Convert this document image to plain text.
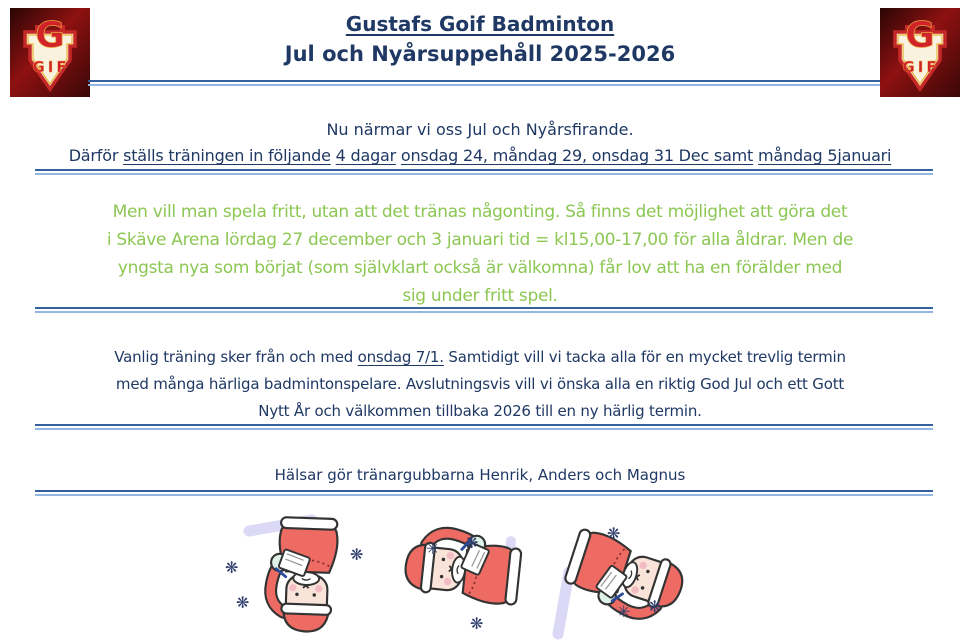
G
GIF
G
GIF
Gustafs Goif Badminton
Jul och Nyårsuppehåll 2025-2026

Nu närmar vi oss Jul och Nyårsfirande.

Därför ställs träningen in följande 4 dagar onsdag 24, måndag 29, onsdag 31 Dec samt måndag 5januari

Men vill man spela fritt, utan att det tränas någonting. Så finns det möjlighet att göra det
i Skäve Arena lördag 27 december och 3 januari tid = kl15,00-17,00 för alla åldrar. Men de
yngsta nya som börjat (som självklart också är välkomna) får lov att ha en förälder med
sig under fritt spel.
Vanlig träning sker från och med onsdag 7/1. Samtidigt vill vi tacka alla för en mycket trevlig termin
med många härliga badmintonspelare. Avslutningsvis vill vi önska alla en riktig God Jul och ett Gott
Nytt År och välkommen tillbaka 2026 till en ny härlig termin.

Hälsar gör tränargubbarna Henrik, Anders och Magnus

❋
❋
❋	✳ ❋
❋
❋
✳ ❋
